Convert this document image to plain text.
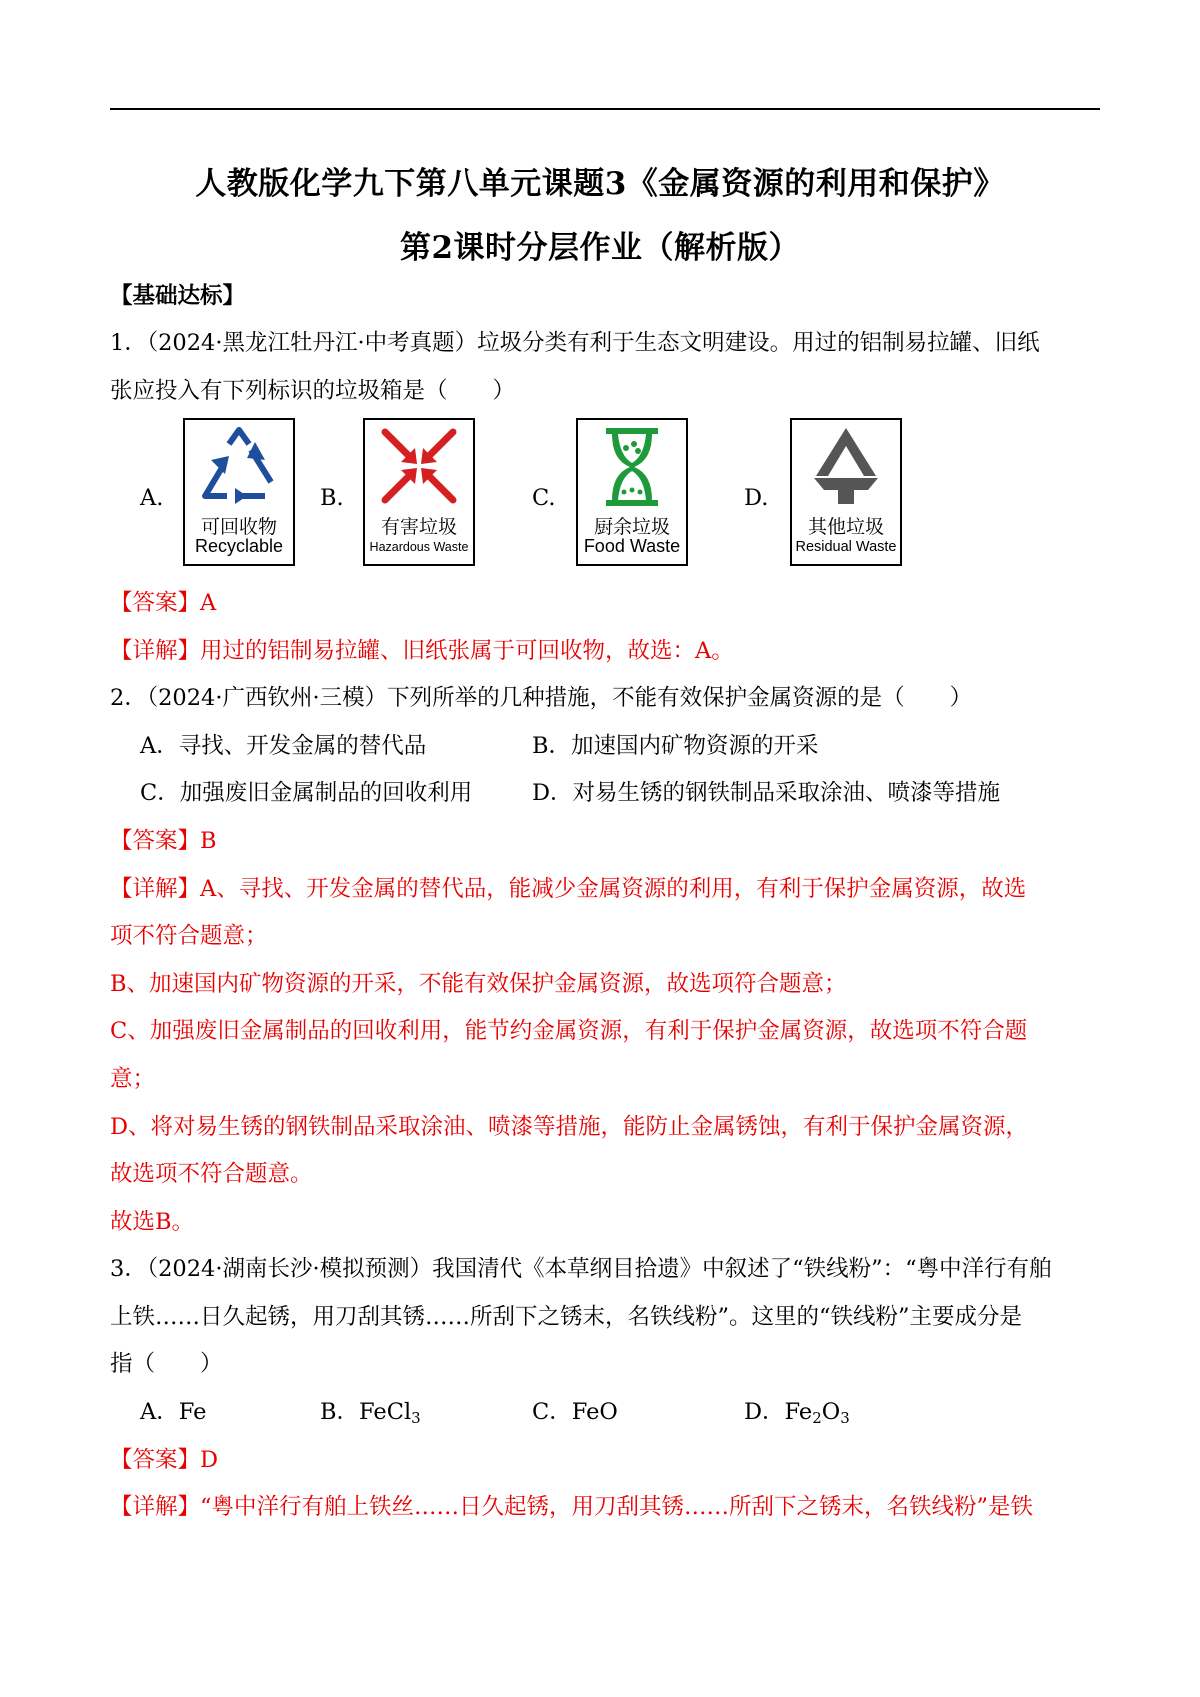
人教版化学九下第八单元课题3《金属资源的利用和保护》
第2课时分层作业（解析版）
【基础达标】
1．（2024·黑龙江牡丹江·中考真题）垃圾分类有利于生态文明建设。用过的铝制易拉罐、旧纸
张应投入有下列标识的垃圾箱是（　　）
A.
可回收物
Recyclable
B.
有害垃圾
Hazardous Waste
C.
厨余垃圾
Food Waste
D.
其他垃圾
Residual Waste
【答案】A
【详解】用过的铝制易拉罐、旧纸张属于可回收物，故选：A。
2．（2024·广西钦州·三模）下列所举的几种措施，不能有效保护金属资源的是（　　）
A．寻找、开发金属的替代品	B．加速国内矿物资源的开采
C．加强废旧金属制品的回收利用	D．对易生锈的钢铁制品采取涂油、喷漆等措施
【答案】B
【详解】A、寻找、开发金属的替代品，能减少金属资源的利用，有利于保护金属资源，故选
项不符合题意；
B、加速国内矿物资源的开采，不能有效保护金属资源，故选项符合题意；
C、加强废旧金属制品的回收利用，能节约金属资源，有利于保护金属资源，故选项不符合题
意；
D、将对易生锈的钢铁制品采取涂油、喷漆等措施，能防止金属锈蚀，有利于保护金属资源，
故选项不符合题意。
故选B。
3．（2024·湖南长沙·模拟预测）我国清代《本草纲目拾遗》中叙述了“铁线粉”：“粤中洋行有舶
上铁……日久起锈，用刀刮其锈……所刮下之锈末，名铁线粉”。这里的“铁线粉”主要成分是
指（　　）
A．Fe	B．FeCl$_3$	C．FeO	D．$Fe_2O_3$
【答案】D
【详解】“粤中洋行有舶上铁丝……日久起锈，用刀刮其锈……所刮下之锈末，名铁线粉”是铁
